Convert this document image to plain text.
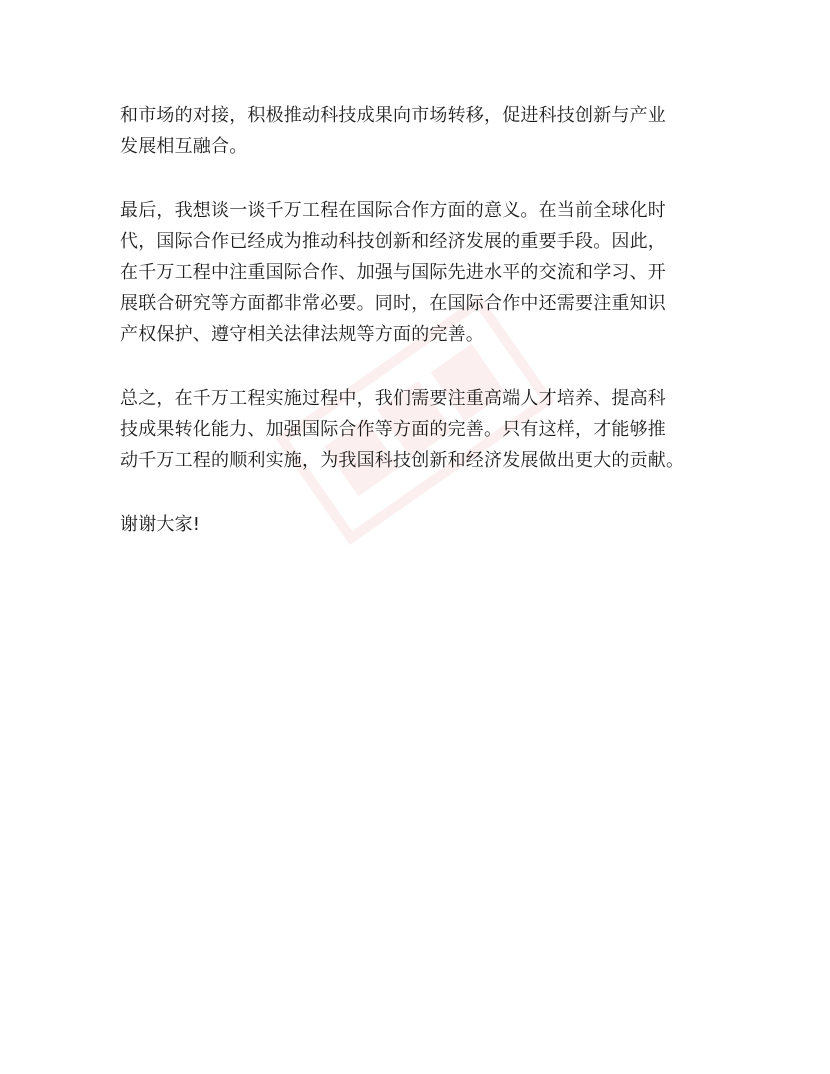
和市场的对接，积极推动科技成果向市场转移，促进科技创新与产业
发展相互融合。

最后，我想谈一谈千万工程在国际合作方面的意义。在当前全球化时
代，国际合作已经成为推动科技创新和经济发展的重要手段。因此，
在千万工程中注重国际合作、加强与国际先进水平的交流和学习、开
展联合研究等方面都非常必要。同时，在国际合作中还需要注重知识
产权保护、遵守相关法律法规等方面的完善。

总之，在千万工程实施过程中，我们需要注重高端人才培养、提高科
技成果转化能力、加强国际合作等方面的完善。只有这样，才能够推
动千万工程的顺利实施，为我国科技创新和经济发展做出更大的贡献。

谢谢大家!
